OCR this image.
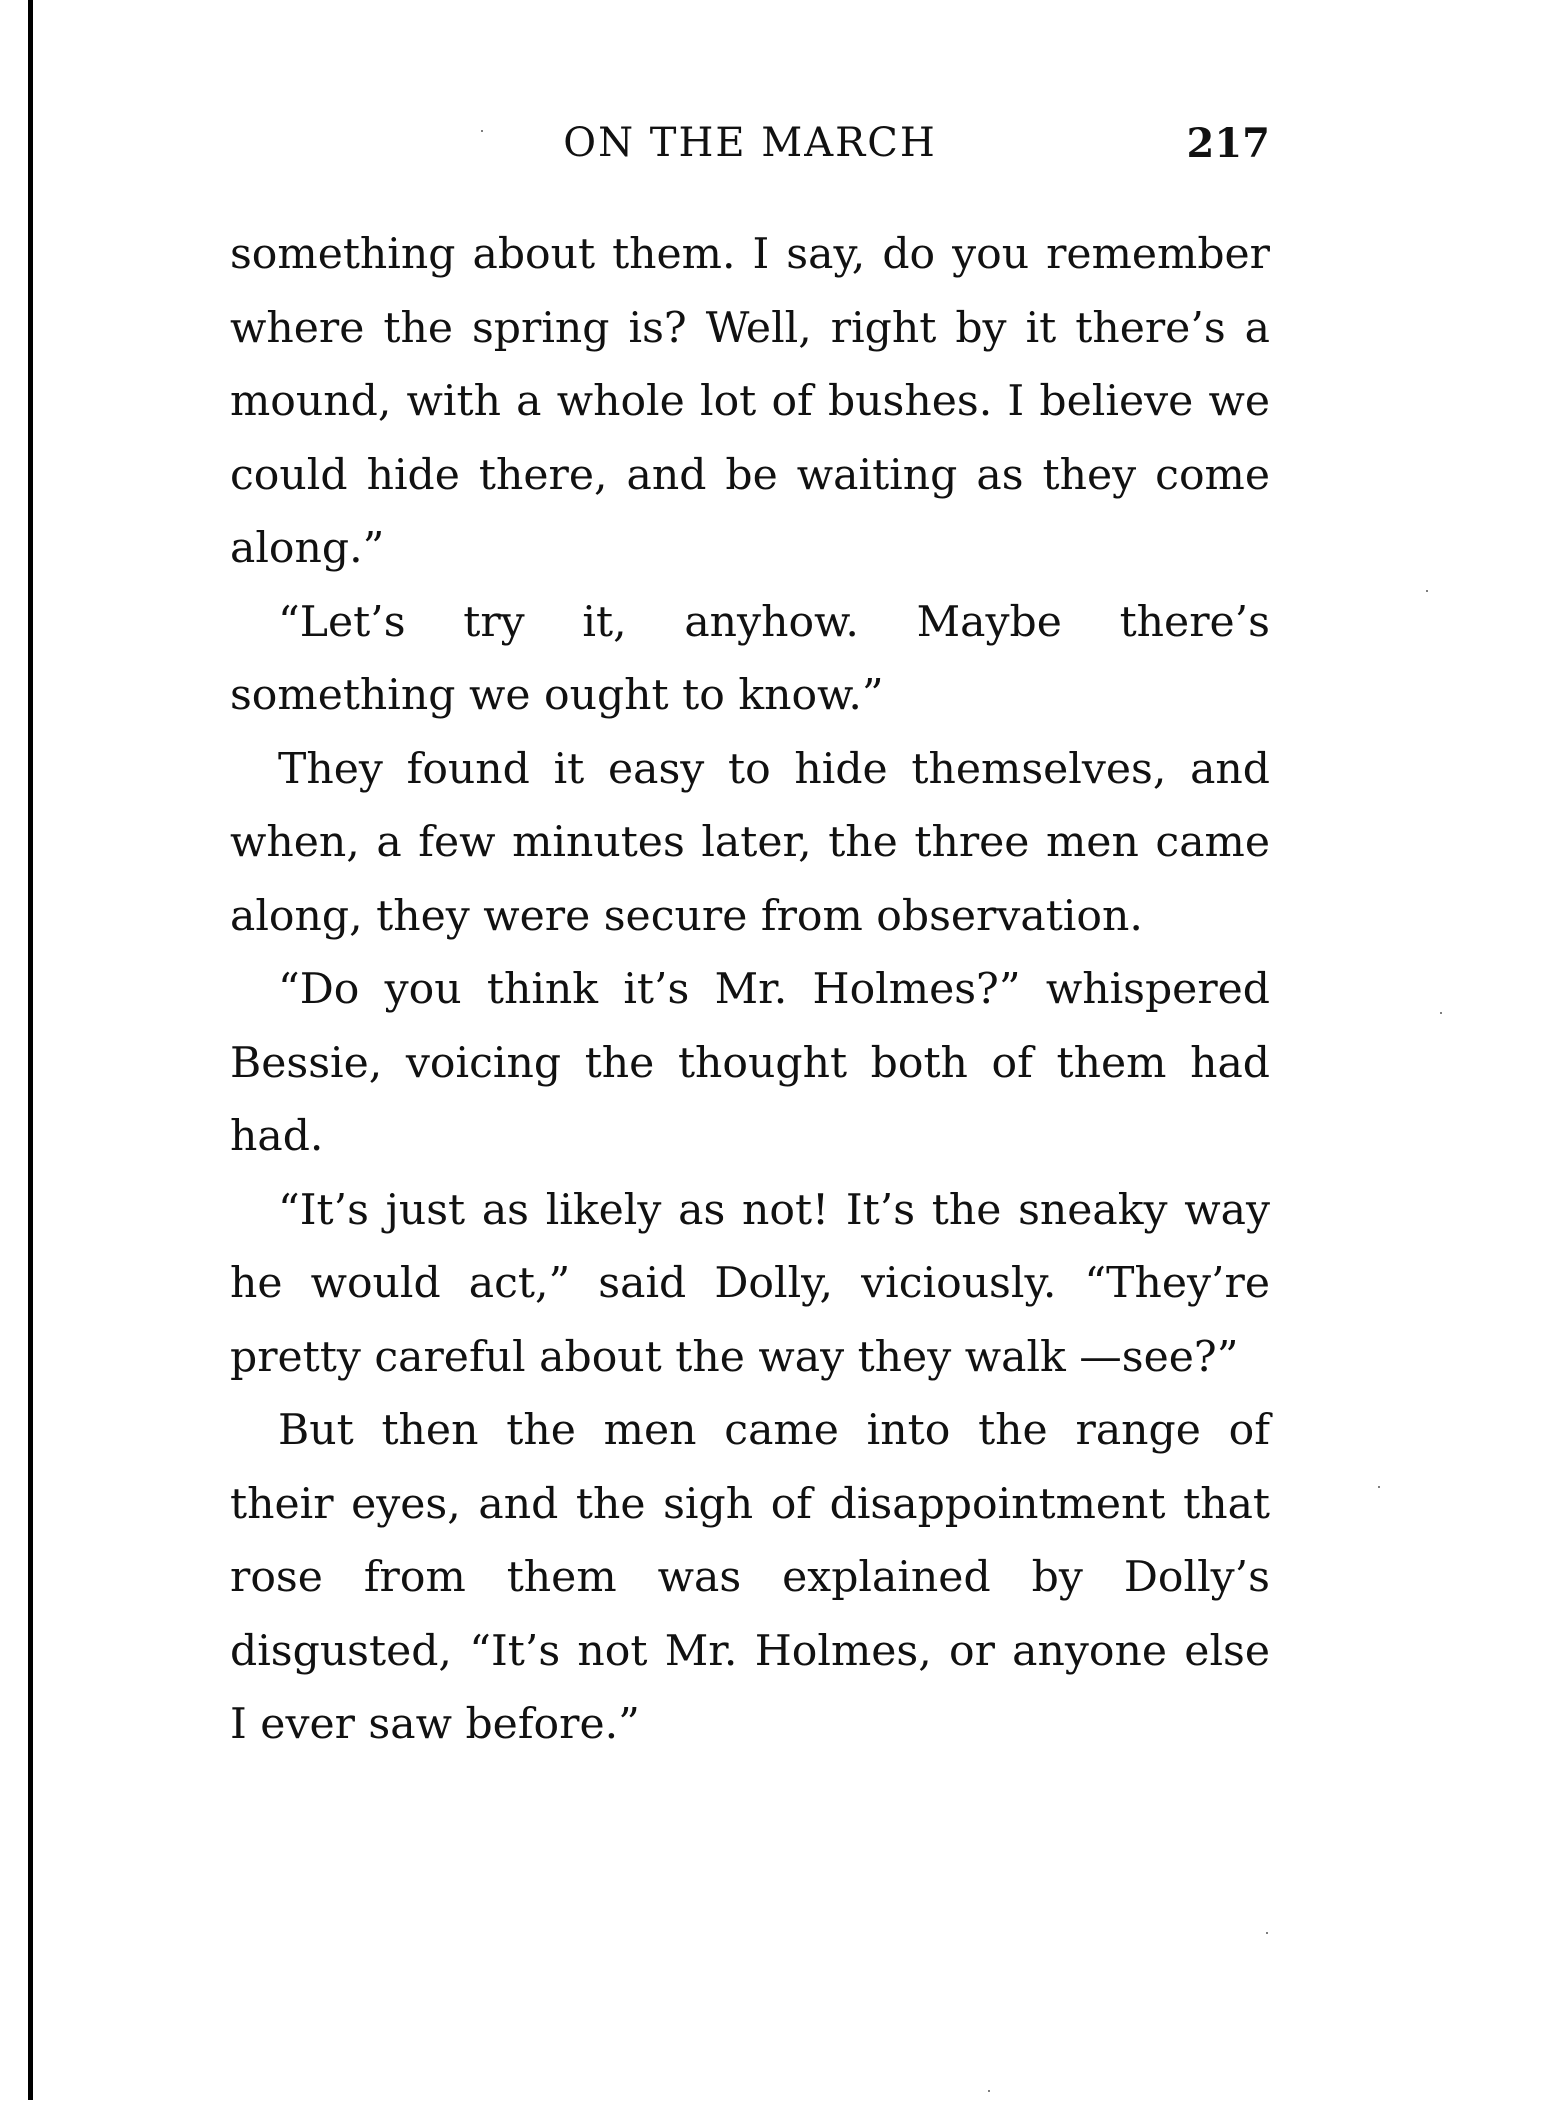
ON THE MARCH	217

something about them. I say, do you remember where the spring is? Well, right by it there’s a mound, with a whole lot of bushes. I believe we could hide there, and be waiting as they come along.”

“Let’s try it, anyhow. Maybe there’s something we ought to know.”

They found it easy to hide themselves, and when, a few minutes later, the three men came along, they were secure from observation.

“Do you think it’s Mr. Holmes?” whispered Bessie, voicing the thought both of them had had.

“It’s just as likely as not! It’s the sneaky way he would act,” said Dolly, viciously. “They’re pretty careful about the way they walk —see?”

But then the men came into the range of their eyes, and the sigh of disappointment that rose from them was explained by Dolly’s disgusted, “It’s not Mr. Holmes, or anyone else I ever saw before.”
